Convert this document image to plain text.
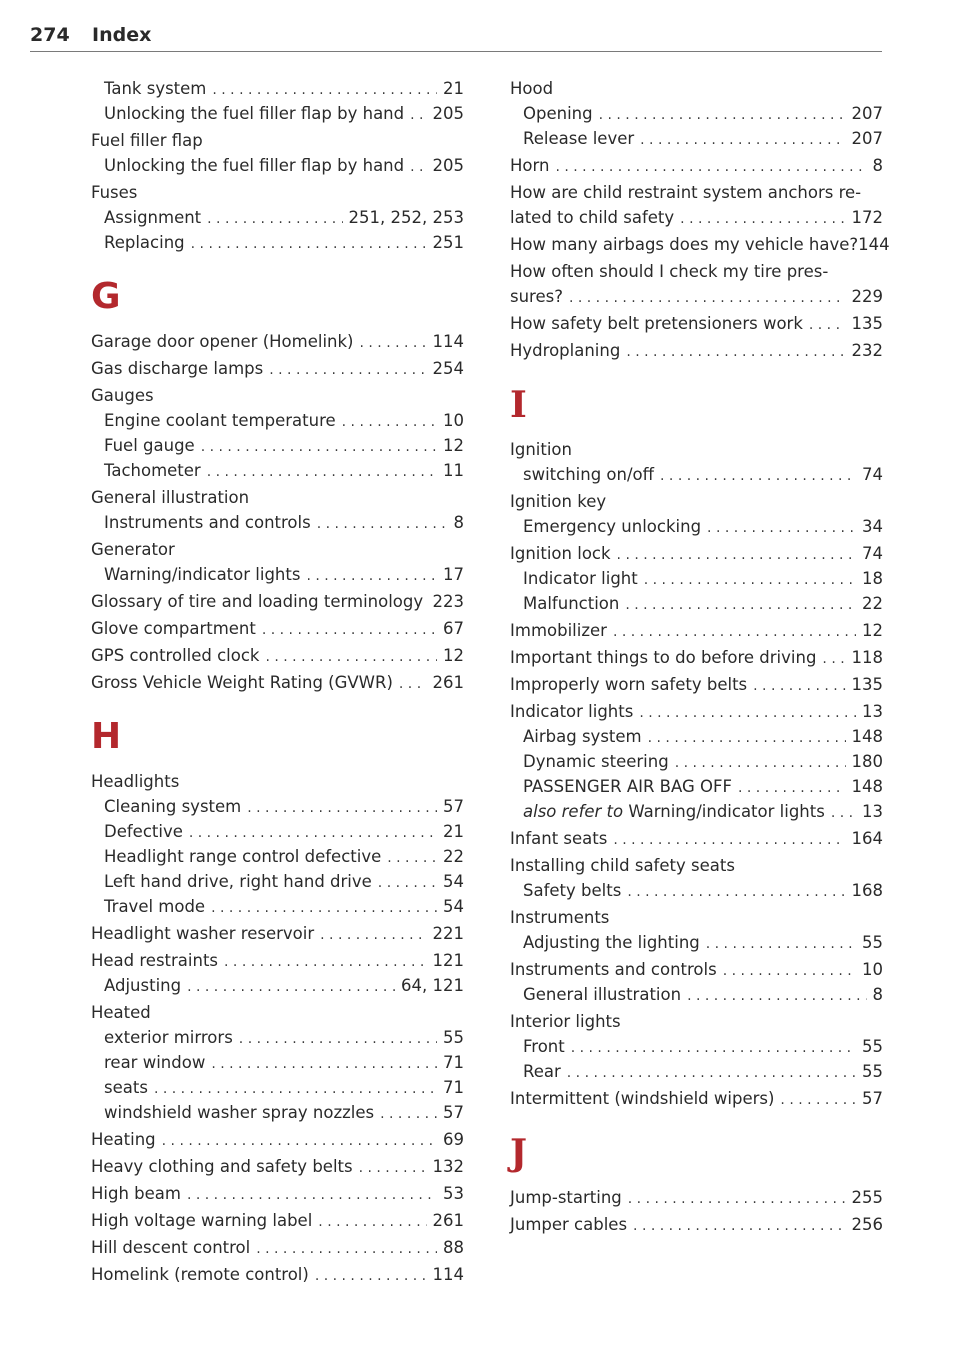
274 Index
Tank system . . .	21
Unlocking the fuel filler flap by hand . . . 205
Fuel filler flap
Unlocking the fuel filler flap by hand . . . 205
Fuses
Assignment . . .	251, 252, 253
Replacing . . .	251
G
Garage door opener (Homelink) . . .	114
Gas discharge lamps . . .	254
Gauges
Engine coolant temperature . . .	10
Fuel gauge . . .	12
Tachometer . . .	11
General illustration
Instruments and controls . . .	8
Generator
Warning/indicator lights . . .	17
Glossary of tire and loading terminology 223
Glove compartment . . .	67
GPS controlled clock . . .	12
Gross Vehicle Weight Rating (GVWR) . . . 261
H
Headlights
Cleaning system . . .	57
Defective . . .	21
Headlight range control defective . . .	22
Left hand drive, right hand drive . . .	54
Travel mode . . .	54
Headlight washer reservoir . . .	221
Head restraints . . .	121
Adjusting . . .	64, 121
Heated
exterior mirrors . . .	55
rear window . . .	71
seats . . .	71
windshield washer spray nozzles . . .	57
Heating . . .	69
Heavy clothing and safety belts . . .	132
High beam . . .	53
High voltage warning label . . .	261
Hill descent control . . .	88
Homelink (remote control) . . .	114
Hood
Opening . . .	207
Release lever . . .	207
Horn . . .	8
How are child restraint system anchors re-
lated to child safety . . .	172
How many airbags does my vehicle have? 144
How often should I check my tire pres-
sures? . . .	229
How safety belt pretensioners work . . .	135
Hydroplaning . . .	232
I
Ignition
switching on/off . . .	74
Ignition key
Emergency unlocking . . .	34
Ignition lock . . .	74
Indicator light . . .	18
Malfunction . . .	22
Immobilizer . . .	12
Important things to do before driving . . . 118
Improperly worn safety belts . . .	135
Indicator lights . . .	13
Airbag system . . .	148
Dynamic steering . . .	180
PASSENGER AIR BAG OFF . . .	148
also refer to Warning/indicator lights . . . 13
Infant seats . . .	164
Installing child safety seats
Safety belts . . .	168
Instruments
Adjusting the lighting . . .	55
Instruments and controls . . .	10
General illustration . . .	8
Interior lights
Front . . .	55
Rear . . .	55
Intermittent (windshield wipers) . . .	57
J
Jump-starting . . .	255
Jumper cables . . .	256
